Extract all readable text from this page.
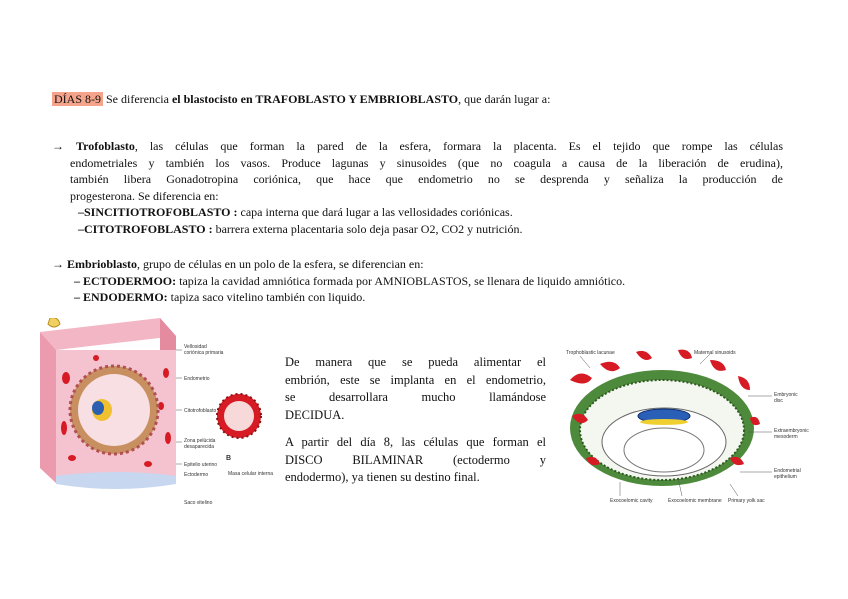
DÍAS 8-9 Se diferencia el blastocisto en TRAFOBLASTO Y EMBRIOBLASTO, que darán lugar a:
→ Trofoblasto, las células que forman la pared de la esfera, formara la placenta. Es el tejido que rompe las células
endometriales y también los vasos. Produce lagunas y sinusoides (que no coagula a causa de la liberación de erudina),
también libera Gonadotropina coriónica, que hace que endometrio no se desprenda y señaliza la producción de
progesterona. Se diferencia en:
–SINCITIOTROFOBLASTO : capa interna que dará lugar a las vellosidades coriónicas.
–CITOTROFOBLASTO : barrera externa placentaria solo deja pasar O2, CO2 y nutrición.
→ Embrioblasto, grupo de células en un polo de la esfera, se diferencian en:
– ECTODERMOO: tapiza la cavidad amniótica formada por AMNIOBLASTOS, se llenara de liquido amniótico.
– ENDODERMO: tapiza saco vitelino también con liquido.
De manera que se pueda alimentar el
embrión, este se implanta en el endometrio,
se desarrollara mucho llamándose
DECIDUA.
A partir del día 8, las células que forman el
DISCO BILAMINAR (ectodermo y
endodermo), ya tienen su destino final.
Vellosidad coriónica primaria
Endometrio
Citotrofoblasto
Zona pelúcida desaparecida
Epitelio uterino
Ectodermo
Saco vitelino
B
Masa celular interna
Trophoblastic lacunae	Maternal sinusoids
Embryonic disc
Extraembryonic mesoderm
Endometrial epithelium
Exocoelomic cavity	Exocoelomic membrane Primary yolk sac
